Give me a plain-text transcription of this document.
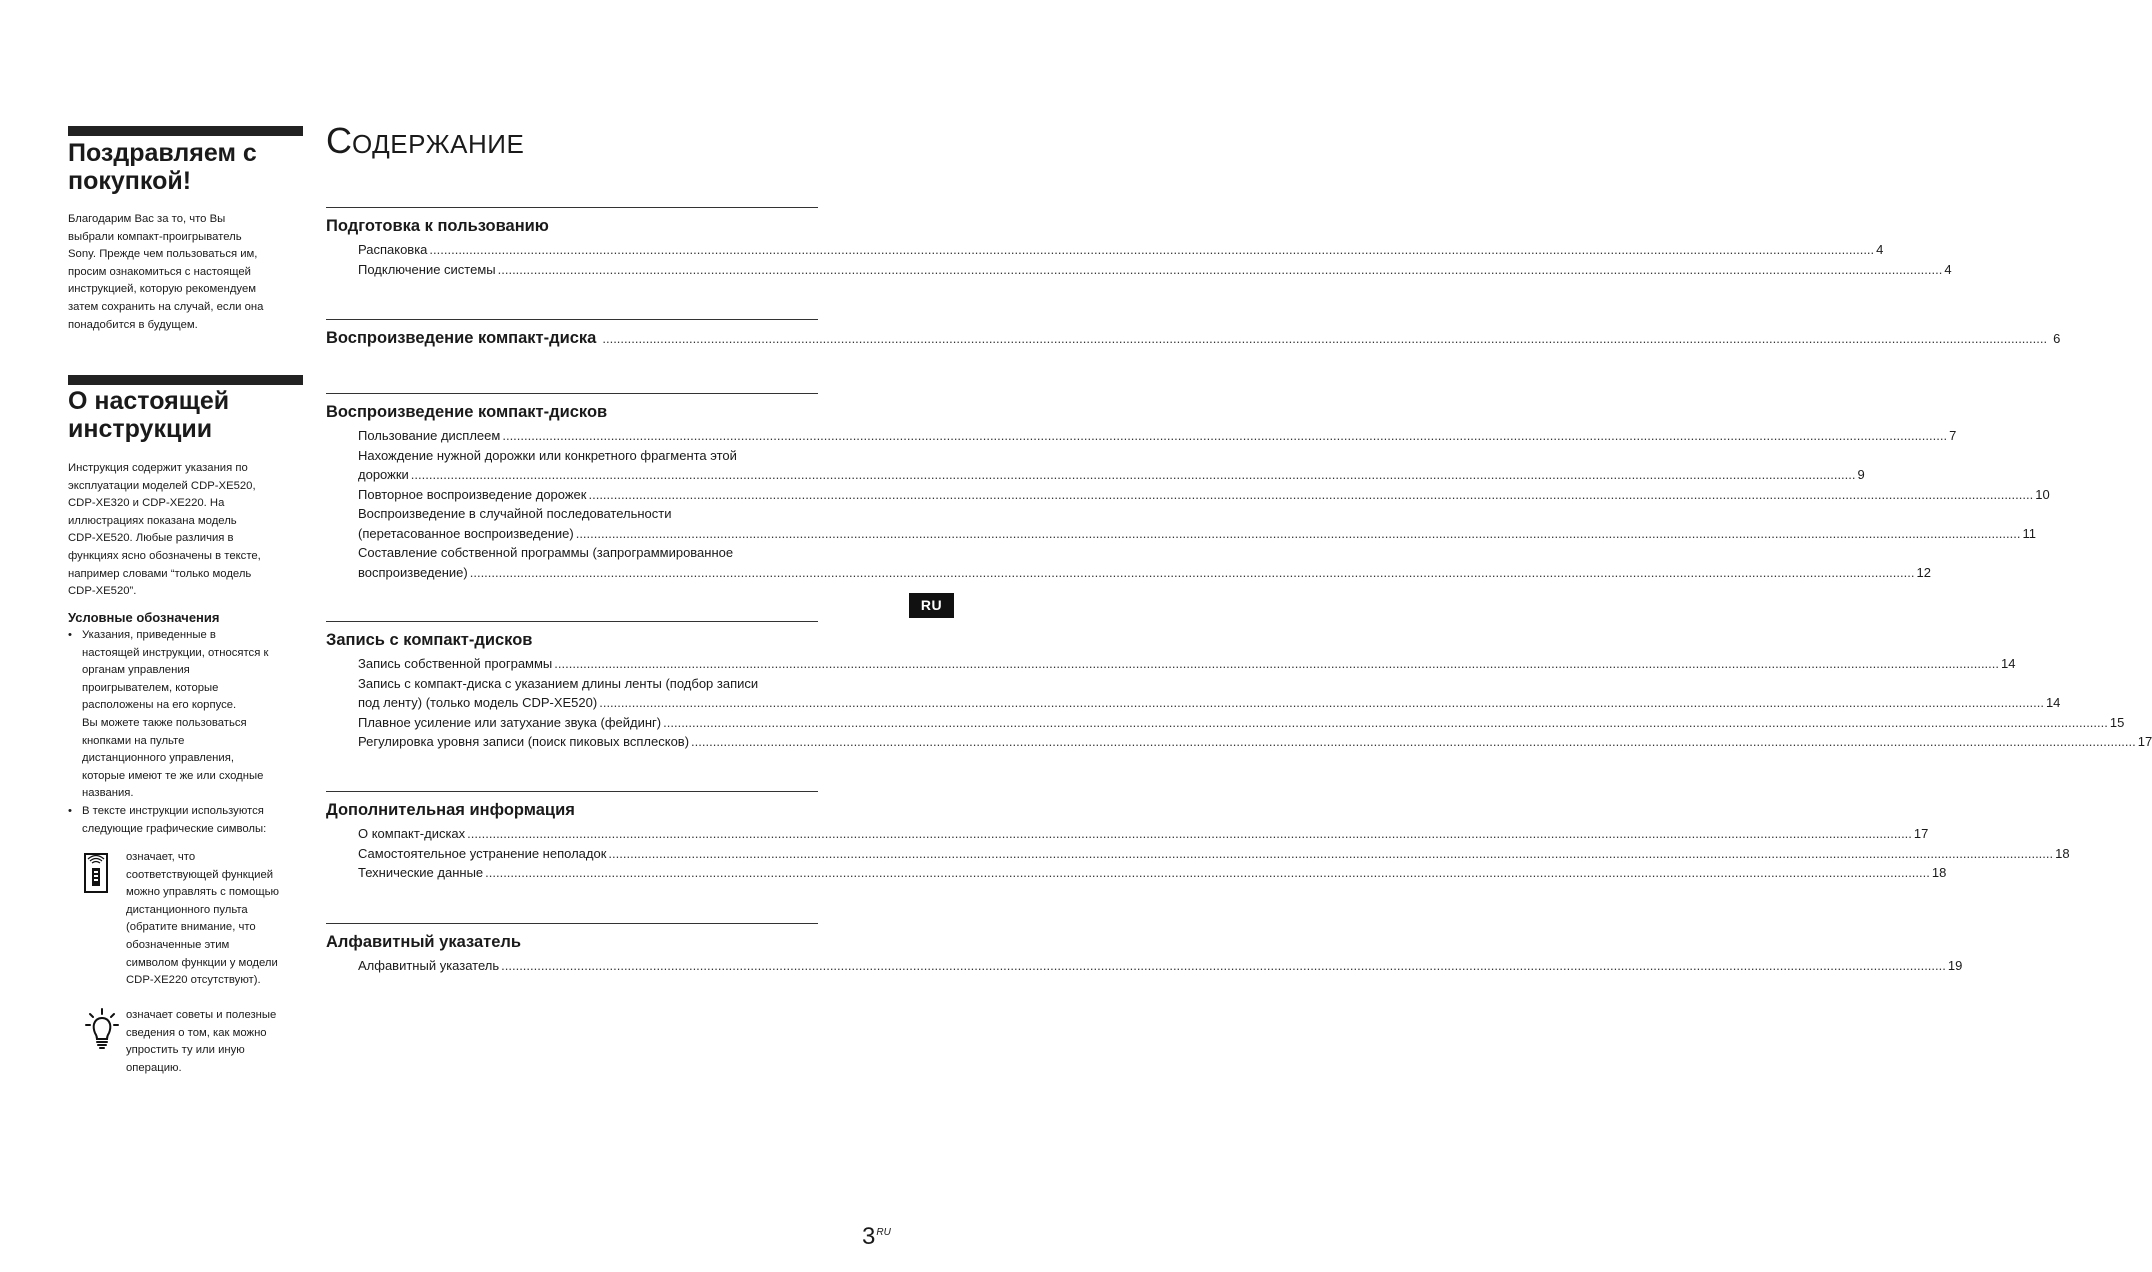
Поздравляем с
покупкой!

Благодарим Вас за то, что Вы
выбрали компакт-проигрыватель
Sony. Прежде чем пользоваться им,
просим ознакомиться с настоящей
инструкцией, которую рекомендуем
затем сохранить на случай, если она
понадобится в будущем.

О настоящей
инструкции

Инструкция содержит указания по
эксплуатации моделей CDP-XE520,
CDP-XE320 и CDP-XE220. На
иллюстрациях показана модель
CDP-XE520. Любые различия в
функциях ясно обозначены в тексте,
например словами “только модель
CDP-XE520”.

Условные обозначения
• Указания, приведенные в
настоящей инструкции, относятся к
органам управления
проигрывателем, которые
расположены на его корпусе.
Вы можете также пользоваться
кнопками на пульте
дистанционного управления,
которые имеют те же или сходные
названия.
• В тексте инструкции используются
следующие графические символы:

означает, что
соответствующей функцией
можно управлять с помощью
дистанционного пульта
(обратите внимание, что
обозначенные этим
символом функции у модели
CDP-XE220 отсутствуют).

означает советы и полезные
сведения о том, как можно
упростить ту или иную
операцию.

СОДЕРЖАНИЕ
Подготовка к пользованию
Распаковка ................................................................................................................................................................................................................................................................................................................................................................................................................ 4
Подключение системы ................................................................................................................................................................................................................................................................................................................................................................................................................ 4
Воспроизведение компакт-диска ................................................................................................................................................................................................................................................................................................................................................................................................................ 6
Воспроизведение компакт-дисков
Пользование дисплеем ................................................................................................................................................................................................................................................................................................................................................................................................................ 7
Нахождение нужной дорожки или конкретного фрагмента этой
дорожки ................................................................................................................................................................................................................................................................................................................................................................................................................ 9
Повторное воспроизведение дорожек ................................................................................................................................................................................................................................................................................................................................................................................................................ 10
Воспроизведение в случайной последовательности
(перетасованное воспроизведение) ................................................................................................................................................................................................................................................................................................................................................................................................................ 11
Составление собственной программы (запрограммированное
воспроизведение) ................................................................................................................................................................................................................................................................................................................................................................................................................ 12
Запись с компакт-дисков
Запись собственной программы ................................................................................................................................................................................................................................................................................................................................................................................................................ 14
Запись с компакт-диска с указанием длины ленты (подбор записи
под ленту) (только модель CDP-XE520) ................................................................................................................................................................................................................................................................................................................................................................................................................ 14
Плавное усиление или затухание звука (фейдинг) ................................................................................................................................................................................................................................................................................................................................................................................................................ 15
Регулировка уровня записи (поиск пиковых всплесков) ................................................................................................................................................................................................................................................................................................................................................................................................................ 17
Дополнительная информация
О компакт-дисках ................................................................................................................................................................................................................................................................................................................................................................................................................ 17
Самостоятельное устранение неполадок ................................................................................................................................................................................................................................................................................................................................................................................................................ 18
Технические данные ................................................................................................................................................................................................................................................................................................................................................................................................................ 18
Алфавитный указатель
Алфавитный указатель ................................................................................................................................................................................................................................................................................................................................................................................................................ 19
RU
$3^{RU}$
